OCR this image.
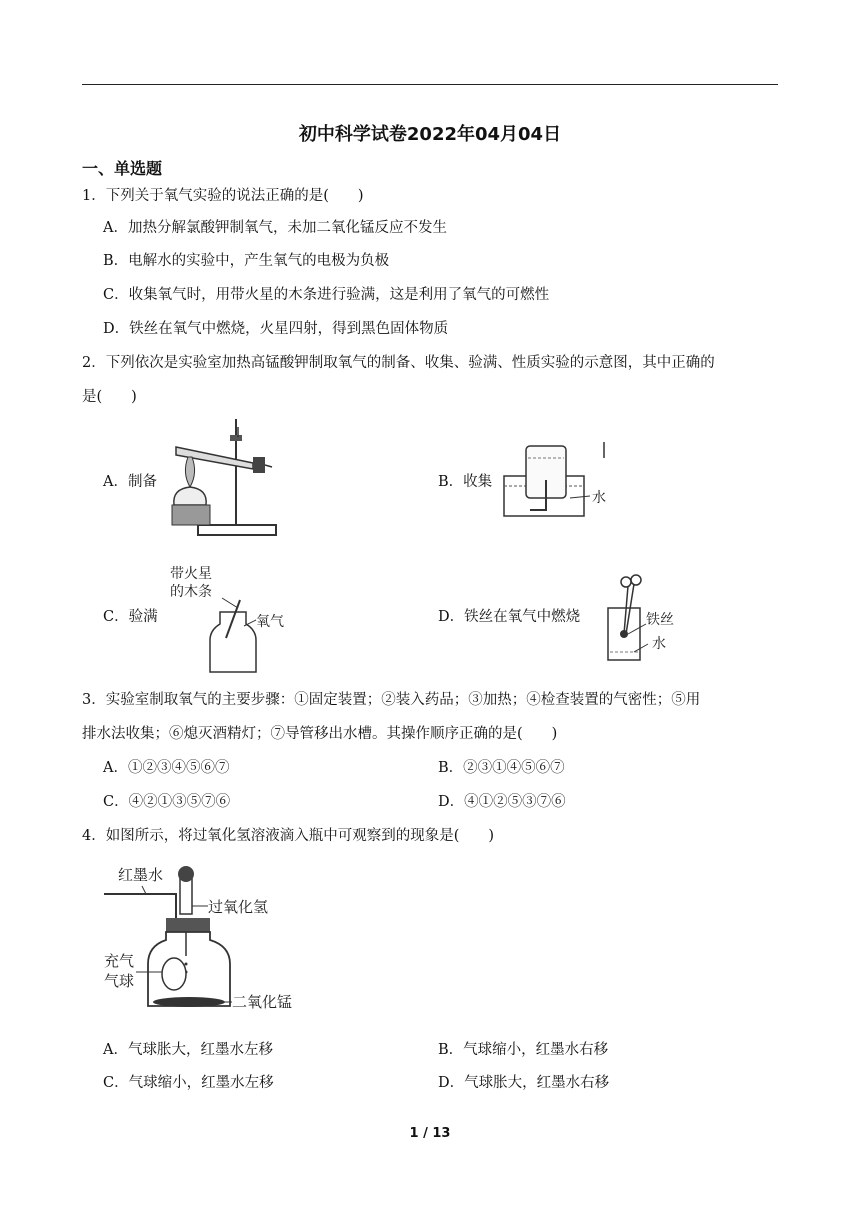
初中科学试卷2022年04月04日
一、单选题
1．下列关于氧气实验的说法正确的是(　　)
A．加热分解氯酸钾制氧气，未加二氧化锰反应不发生
B．电解水的实验中，产生氧气的电极为负极
C．收集氧气时，用带火星的木条进行验满，这是利用了氧气的可燃性
D．铁丝在氧气中燃烧，火星四射，得到黑色固体物质
2．下列依次是实验室加热高锰酸钾制取氧气的制备、收集、验满、性质实验的示意图，其中正确的
是(　　)
A．制备	B．收集
水
C．验满
带火星
的木条
氧气	D．铁丝在氧气中燃烧	铁丝
水
3．实验室制取氧气的主要步骤：①固定装置；②装入药品；③加热；④检查装置的气密性；⑤用
排水法收集；⑥熄灭酒精灯；⑦导管移出水槽。其操作顺序正确的是(　　)
A．①②③④⑤⑥⑦	B．②③①④⑤⑥⑦
C．④②①③⑤⑦⑥	D．④①②⑤③⑦⑥
4．如图所示，将过氧化氢溶液滴入瓶中可观察到的现象是(　　)
红墨水
过氧化氢
充气
气球
二氧化锰
A．气球胀大，红墨水左移	B．气球缩小，红墨水右移
C．气球缩小，红墨水左移	D．气球胀大，红墨水右移
1 / 13
